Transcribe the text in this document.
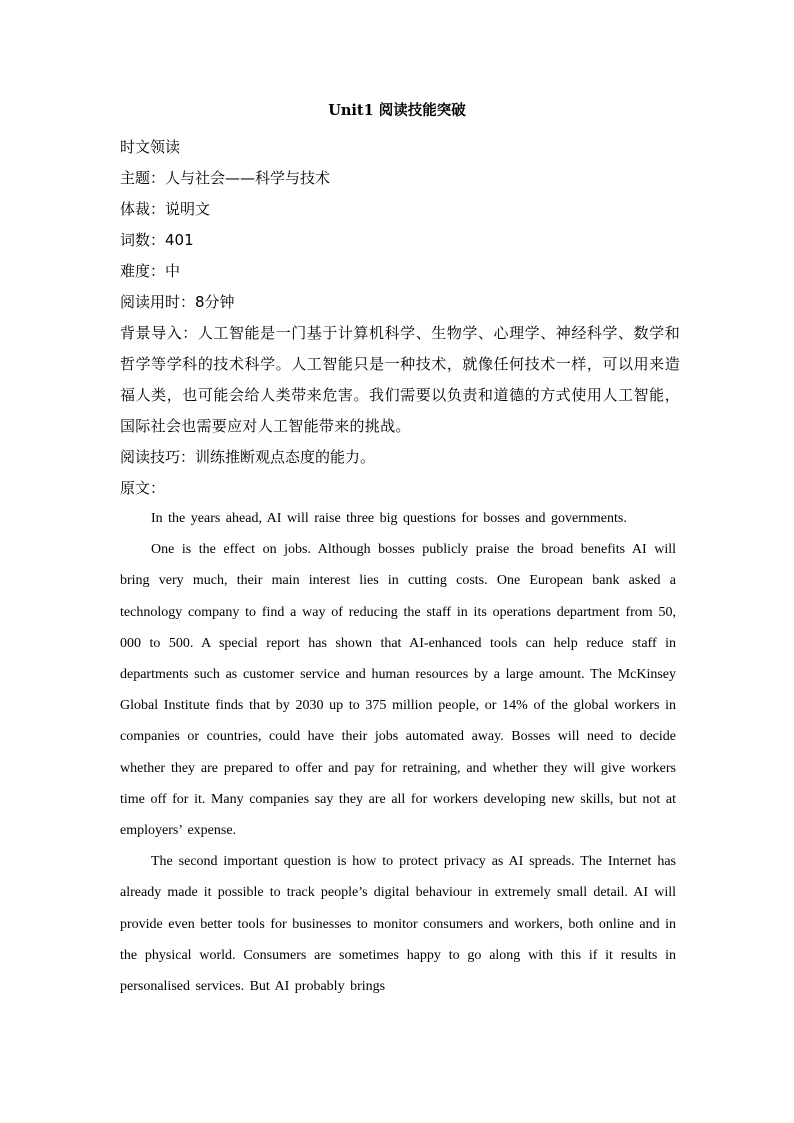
Unit1 阅读技能突破
时文领读
主题：人与社会——科学与技术
体裁：说明文
词数：401
难度：中
阅读用时：8分钟
背景导入：人工智能是一门基于计算机科学、生物学、心理学、神经科学、数学和哲学等学科的技术科学。人工智能只是一种技术，就像任何技术一样，可以用来造福人类，也可能会给人类带来危害。我们需要以负责和道德的方式使用人工智能，国际社会也需要应对人工智能带来的挑战。
阅读技巧：训练推断观点态度的能力。
原文：

In the years ahead, AI will raise three big questions for bosses and governments.

One is the effect on jobs. Although bosses publicly praise the broad benefits AI will bring very much, their main interest lies in cutting costs. One European bank asked a technology company to find a way of reducing the staff in its operations department from 50, 000 to 500. A special report has shown that AI-enhanced tools can help reduce staff in departments such as customer service and human resources by a large amount. The McKinsey Global Institute finds that by 2030 up to 375 million people, or 14% of the global workers in companies or countries, could have their jobs automated away. Bosses will need to decide whether they are prepared to offer and pay for retraining, and whether they will give workers time off for it. Many companies say they are all for workers developing new skills, but not at employers’ expense.

The second important question is how to protect privacy as AI spreads. The Internet has already made it possible to track people’s digital behaviour in extremely small detail. AI will provide even better tools for businesses to monitor consumers and workers, both online and in the physical world. Consumers are sometimes happy to go along with this if it results in personalised services. But AI probably brings
